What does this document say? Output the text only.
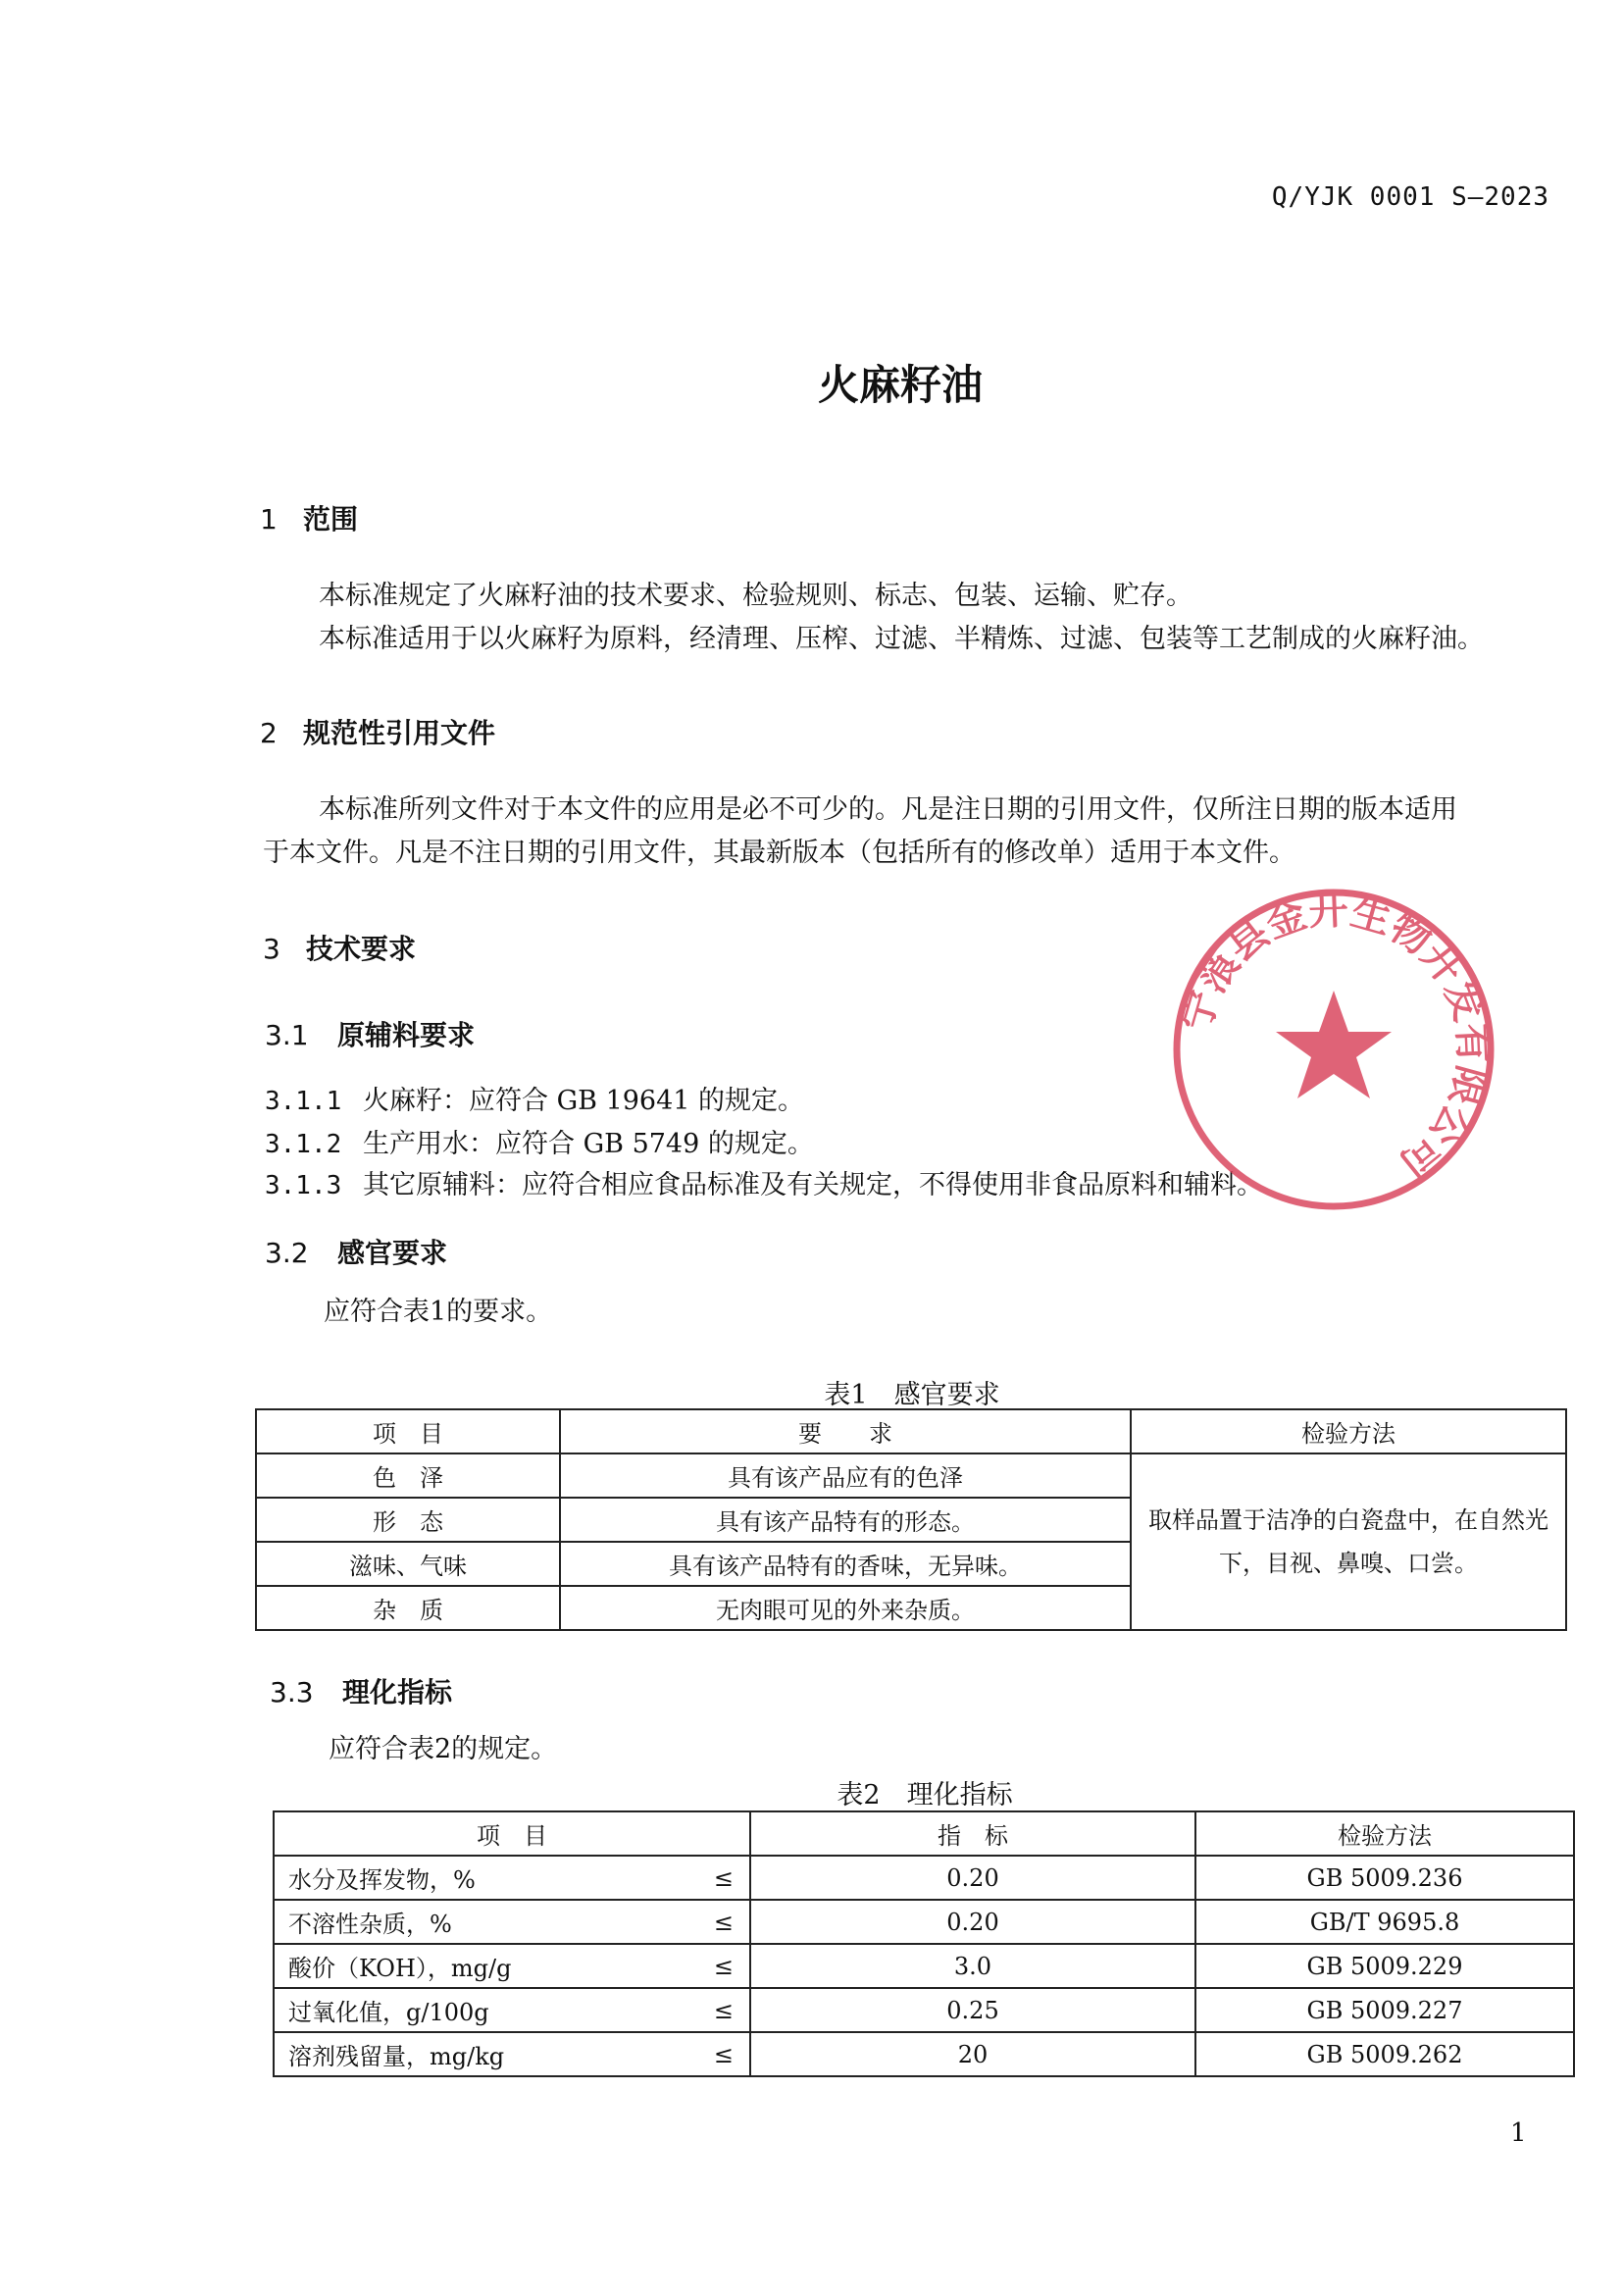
Q/YJK 0001 S—2023
火麻籽油
1 范围
本标准规定了火麻籽油的技术要求、检验规则、标志、包装、运输、贮存。
本标准适用于以火麻籽为原料，经清理、压榨、过滤、半精炼、过滤、包装等工艺制成的火麻籽油。
2 规范性引用文件
本标准所列文件对于本文件的应用是必不可少的。凡是注日期的引用文件，仅所注日期的版本适用
于本文件。凡是不注日期的引用文件，其最新版本（包括所有的修改单）适用于本文件。
3 技术要求
3.1 原辅料要求
3.1.1 火麻籽：应符合 GB 19641 的规定。
3.1.2 生产用水：应符合 GB 5749 的规定。
3.1.3 其它原辅料：应符合相应食品标准及有关规定，不得使用非食品原料和辅料。
3.2 感官要求
应符合表1的要求。
表1　感官要求
项　目	要　　求	检验方法
色　泽	具有该产品应有的色泽	取样品置于洁净的白瓷盘中，在自然光下，目视、鼻嗅、口尝。
形　态	具有该产品特有的形态。	
滋味、气味	具有该产品特有的香味，无异味。	
杂　质	无肉眼可见的外来杂质。	
3.3 理化指标
应符合表2的规定。
表2　理化指标
项　目		指　标	检验方法
水分及挥发物，%	≤	0.20	GB 5009.236
不溶性杂质，%	≤	0.20	GB/T 9695.8
酸价（KOH），mg/g	≤	3.0	GB 5009.229
过氧化值，g/100g	≤	0.25	GB 5009.227
溶剂残留量，mg/kg	≤	20	GB 5009.262
宁蒗县金开生物开发有限公司
1
